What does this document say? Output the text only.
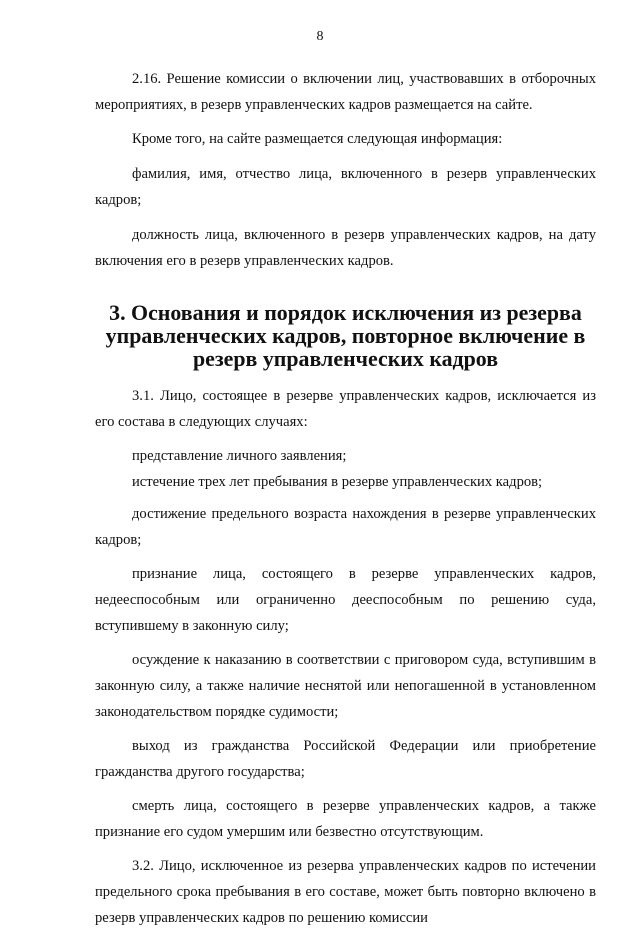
8

2.16. Решение комиссии о включении лиц, участвовавших в отборочных мероприятиях, в резерв управленческих кадров размещается на сайте.

Кроме того, на сайте размещается следующая информация:

фамилия, имя, отчество лица, включенного в резерв управленческих кадров;

должность лица, включенного в резерв управленческих кадров, на дату включения его в резерв управленческих кадров.

3. Основания и порядок исключения из резерва управленческих кадров, повторное включение в резерв управленческих кадров

3.1. Лицо, состоящее в резерве управленческих кадров, исключается из его состава в следующих случаях:

представление личного заявления;

истечение трех лет пребывания в резерве управленческих кадров;

достижение предельного возраста нахождения в резерве управленческих кадров;

признание лица, состоящего в резерве управленческих кадров, недееспособным или ограниченно дееспособным по решению суда, вступившему в законную силу;

осуждение к наказанию в соответствии с приговором суда, вступившим в законную силу, а также наличие неснятой или непогашенной в установленном законодательством порядке судимости;

выход из гражданства Российской Федерации или приобретение гражданства другого государства;

смерть лица, состоящего в резерве управленческих кадров, а также признание его судом умершим или безвестно отсутствующим.

3.2. Лицо, исключенное из резерва управленческих кадров по истечении предельного срока пребывания в его составе, может быть повторно включено в резерв управленческих кадров по решению комиссии
